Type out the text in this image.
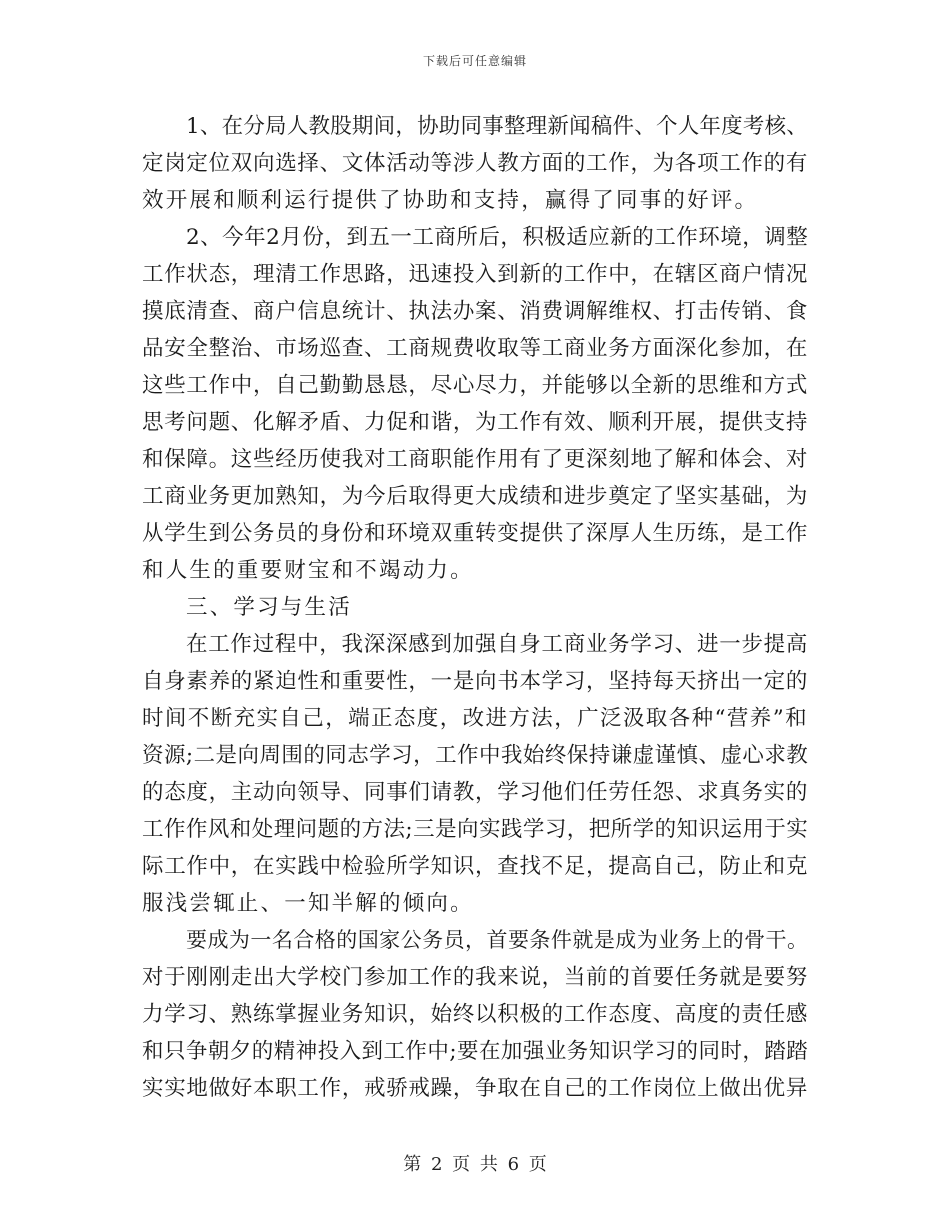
下载后可任意编辑
1、在分局人教股期间，协助同事整理新闻稿件、个人年度考核、
定岗定位双向选择、文体活动等涉人教方面的工作，为各项工作的有
效开展和顺利运行提供了协助和支持，赢得了同事的好评。
2、今年2月份，到五一工商所后，积极适应新的工作环境，调整
工作状态，理清工作思路，迅速投入到新的工作中，在辖区商户情况
摸底清查、商户信息统计、执法办案、消费调解维权、打击传销、食
品安全整治、市场巡查、工商规费收取等工商业务方面深化参加，在
这些工作中，自己勤勤恳恳，尽心尽力，并能够以全新的思维和方式
思考问题、化解矛盾、力促和谐，为工作有效、顺利开展，提供支持
和保障。这些经历使我对工商职能作用有了更深刻地了解和体会、对
工商业务更加熟知，为今后取得更大成绩和进步奠定了坚实基础，为
从学生到公务员的身份和环境双重转变提供了深厚人生历练，是工作
和人生的重要财宝和不竭动力。
三、学习与生活
在工作过程中，我深深感到加强自身工商业务学习、进一步提高
自身素养的紧迫性和重要性，一是向书本学习，坚持每天挤出一定的
时间不断充实自己，端正态度，改进方法，广泛汲取各种“营养”和
资源;二是向周围的同志学习，工作中我始终保持谦虚谨慎、虚心求教
的态度，主动向领导、同事们请教，学习他们任劳任怨、求真务实的
工作作风和处理问题的方法;三是向实践学习，把所学的知识运用于实
际工作中，在实践中检验所学知识，查找不足，提高自己，防止和克
服浅尝辄止、一知半解的倾向。
要成为一名合格的国家公务员，首要条件就是成为业务上的骨干。
对于刚刚走出大学校门参加工作的我来说，当前的首要任务就是要努
力学习、熟练掌握业务知识，始终以积极的工作态度、高度的责任感
和只争朝夕的精神投入到工作中;要在加强业务知识学习的同时，踏踏
实实地做好本职工作，戒骄戒躁，争取在自己的工作岗位上做出优异
第 2 页 共 6 页
